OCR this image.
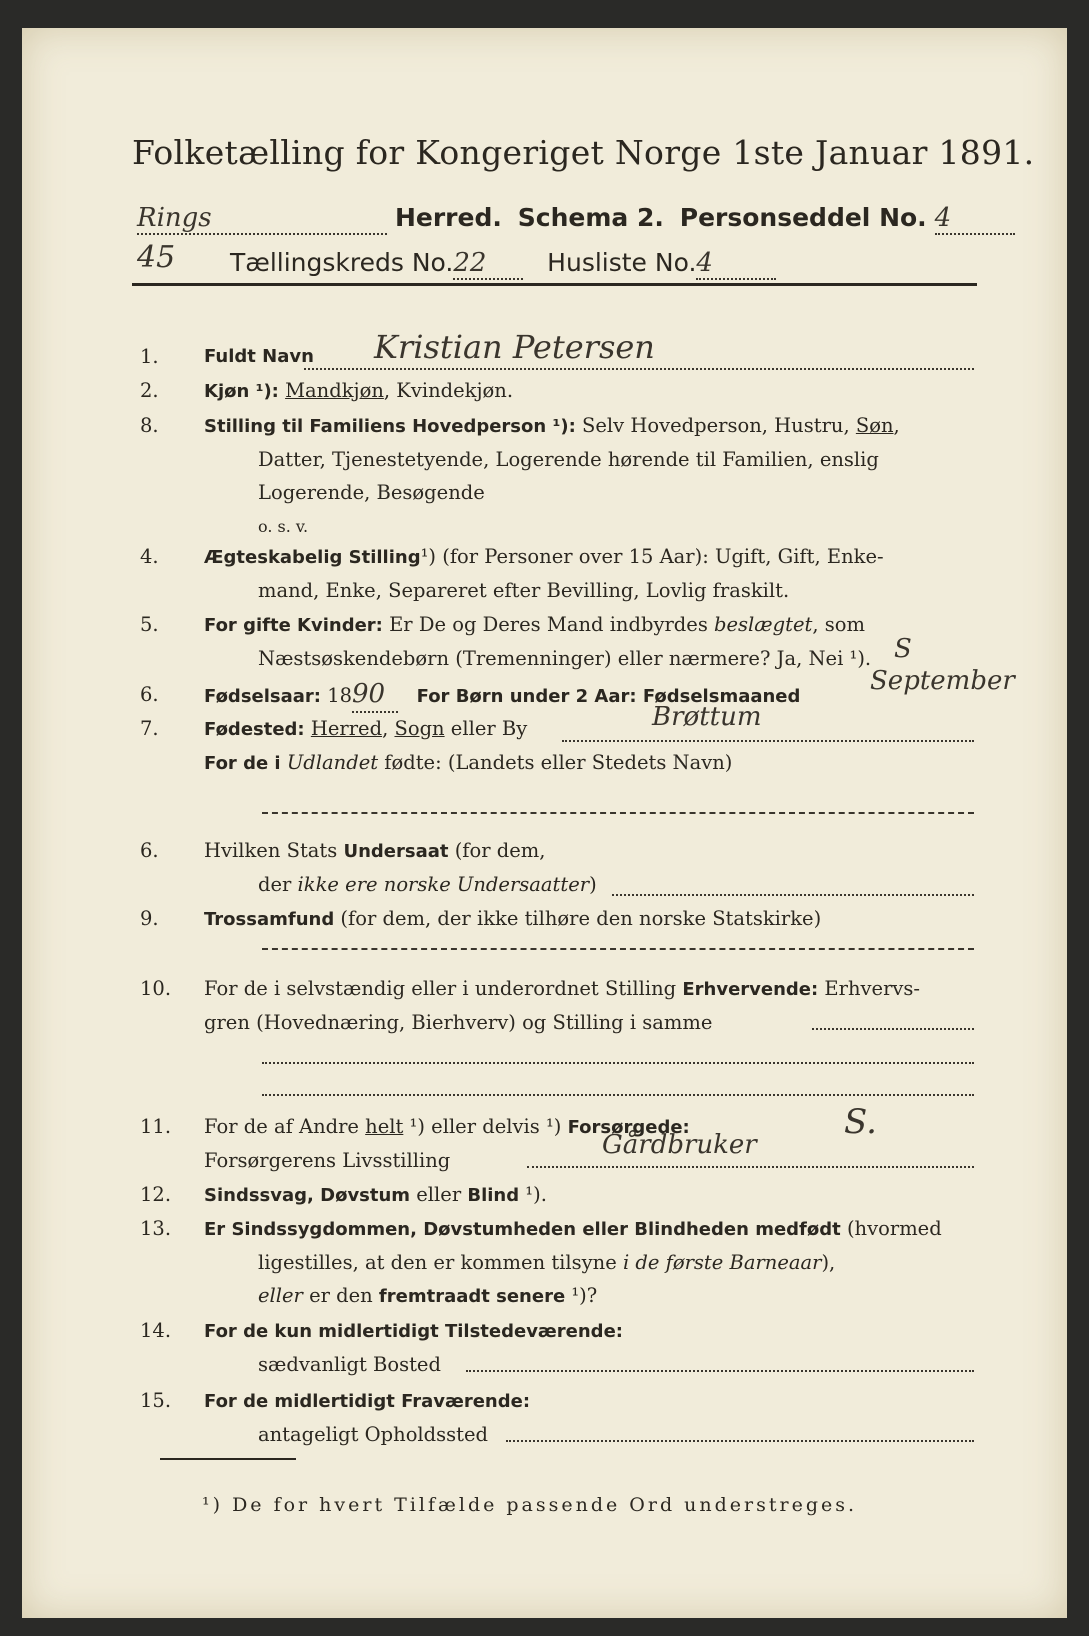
Folketælling for Kongeriget Norge 1ste Januar 1891.
Rings	Herred. Schema 2. Personseddel No. 4
45 Tællingskreds No.22 Husliste No.4
1.	Fuldt Navn	Kristian Petersen
2.	Kjøn ¹): Mandkjøn, Kvindekjøn.
8.	Stilling til Familiens Hovedperson ¹): Selv Hovedperson, Hustru, Søn,
Datter, Tjenestetyende, Logerende hørende til Familien, enslig
Logerende, Besøgende
o. s. v.
4.	Ægteskabelig Stilling¹) (for Personer over 15 Aar): Ugift, Gift, Enke-
mand, Enke, Separeret efter Bevilling, Lovlig fraskilt.
5.	For gifte Kvinder: Er De og Deres Mand indbyrdes beslægtet, som
Næstsøskendebørn (Tremenninger) eller nærmere? Ja, Nei ¹). S
6.	Fødselsaar: 1890 For Børn under 2 Aar: Fødselsmaaned
September
7.	Fødested: Herred, Sogn eller By
For de i Udlandet fødte: (Landets eller Stedets Navn)
Brøttum
6.	Hvilken Stats Undersaat (for dem,
der ikke ere norske Undersaatter)
9.	Trossamfund (for dem, der ikke tilhøre den norske Statskirke)
10.	For de i selvstændig eller i underordnet Stilling Erhvervende: Erhvervs-
gren (Hovednæring, Bierhverv) og Stilling i samme
11.	For de af Andre helt ¹) eller delvis ¹) Forsørgede:
Forsørgerens Livsstilling
Gårdbruker
S.
12.	Sindssvag, Døvstum eller Blind ¹).
13.	Er Sindssygdommen, Døvstumheden eller Blindheden medfødt (hvormed
ligestilles, at den er kommen tilsyne i de første Barneaar),
eller er den fremtraadt senere ¹)?
14.	For de kun midlertidigt Tilstedeværende:
sædvanligt Bosted
15.	For de midlertidigt Fraværende:
antageligt Opholdssted
¹) De for hvert Tilfælde passende Ord understreges.
